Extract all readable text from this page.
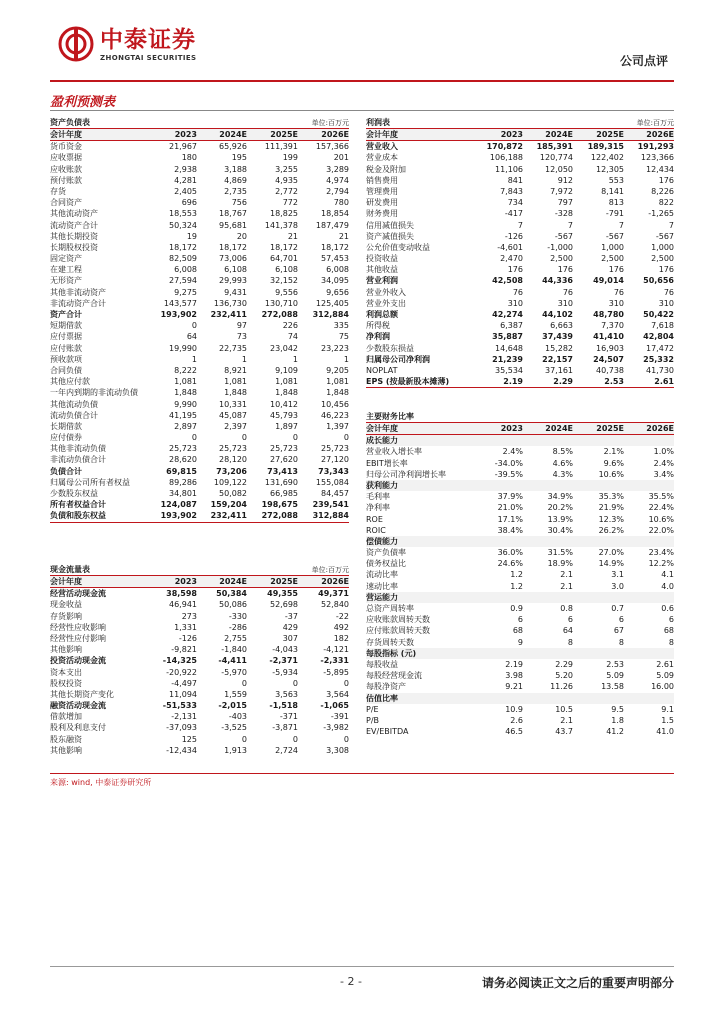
中泰证券
ZHONGTAI SECURITIES	公司点评
盈利预测表
资产负债表	单位:百万元
会计年度	2023	2024E	2025E	2026E
货币资金	21,967	65,926	111,391	157,366
应收票据	180	195	199	201
应收账款	2,938	3,188	3,255	3,289
预付账款	4,281	4,869	4,935	4,974
存货	2,405	2,735	2,772	2,794
合同资产	696	756	772	780
其他流动资产	18,553	18,767	18,825	18,854
流动资产合计	50,324	95,681	141,378	187,479
其他长期投资	19	20	21	21
长期股权投资	18,172	18,172	18,172	18,172
固定资产	82,509	73,006	64,701	57,453
在建工程	6,008	6,108	6,108	6,008
无形资产	27,594	29,993	32,152	34,095
其他非流动资产	9,275	9,431	9,556	9,656
非流动资产合计	143,577	136,730	130,710	125,405
资产合计	193,902	232,411	272,088	312,884
短期借款	0	97	226	335
应付票据	64	73	74	75
应付账款	19,990	22,735	23,042	23,223
预收款项	1	1	1	1
合同负债	8,222	8,921	9,109	9,205
其他应付款	1,081	1,081	1,081	1,081
一年内到期的非流动负债	1,848	1,848	1,848	1,848
其他流动负债	9,990	10,331	10,412	10,456
流动负债合计	41,195	45,087	45,793	46,223
长期借款	2,897	2,397	1,897	1,397
应付债券	0	0	0	0
其他非流动负债	25,723	25,723	25,723	25,723
非流动负债合计	28,620	28,120	27,620	27,120
负债合计	69,815	73,206	73,413	73,343
归属母公司所有者权益	89,286	109,122	131,690	155,084
少数股东权益	34,801	50,082	66,985	84,457
所有者权益合计	124,087	159,204	198,675	239,541
负债和股东权益	193,902	232,411	272,088	312,884
现金流量表	单位:百万元
会计年度	2023	2024E	2025E	2026E
经营活动现金流	38,598	50,384	49,355	49,371
现金收益	46,941	50,086	52,698	52,840
存货影响	273	-330	-37	-22
经营性应收影响	1,331	-286	429	492
经营性应付影响	-126	2,755	307	182
其他影响	-9,821	-1,840	-4,043	-4,121
投资活动现金流	-14,325	-4,411	-2,371	-2,331
资本支出	-20,922	-5,970	-5,934	-5,895
股权投资	-4,497	0	0	0
其他长期资产变化	11,094	1,559	3,563	3,564
融资活动现金流	-51,533	-2,015	-1,518	-1,065
借款增加	-2,131	-403	-371	-391
股利及利息支付	-37,093	-3,525	-3,871	-3,982
股东融资	125	0	0	0
其他影响	-12,434	1,913	2,724	3,308
利润表	单位:百万元
会计年度	2023	2024E	2025E	2026E
营业收入	170,872	185,391	189,315	191,293
营业成本	106,188	120,774	122,402	123,366
税金及附加	11,106	12,050	12,305	12,434
销售费用	841	912	553	176
管理费用	7,843	7,972	8,141	8,226
研发费用	734	797	813	822
财务费用	-417	-328	-791	-1,265
信用减值损失	7	7	7	7
资产减值损失	-126	-567	-567	-567
公允价值变动收益	-4,601	-1,000	1,000	1,000
投资收益	2,470	2,500	2,500	2,500
其他收益	176	176	176	176
营业利润	42,508	44,336	49,014	50,656
营业外收入	76	76	76	76
营业外支出	310	310	310	310
利润总额	42,274	44,102	48,780	50,422
所得税	6,387	6,663	7,370	7,618
净利润	35,887	37,439	41,410	42,804
少数股东损益	14,648	15,282	16,903	17,472
归属母公司净利润	21,239	22,157	24,507	25,332
NOPLAT	35,534	37,161	40,738	41,730
EPS (按最新股本摊薄)	2.19	2.29	2.53	2.61
主要财务比率
会计年度	2023	2024E	2025E	2026E
成长能力
营业收入增长率	2.4%	8.5%	2.1%	1.0%
EBIT增长率	-34.0%	4.6%	9.6%	2.4%
归母公司净利润增长率	-39.5%	4.3%	10.6%	3.4%
获利能力
毛利率	37.9%	34.9%	35.3%	35.5%
净利率	21.0%	20.2%	21.9%	22.4%
ROE	17.1%	13.9%	12.3%	10.6%
ROIC	38.4%	30.4%	26.2%	22.0%
偿债能力
资产负债率	36.0%	31.5%	27.0%	23.4%
债务权益比	24.6%	18.9%	14.9%	12.2%
流动比率	1.2	2.1	3.1	4.1
速动比率	1.2	2.1	3.0	4.0
营运能力
总资产周转率	0.9	0.8	0.7	0.6
应收账款周转天数	6	6	6	6
应付账款周转天数	68	64	67	68
存货周转天数	9	8	8	8
每股指标 (元)
每股收益	2.19	2.29	2.53	2.61
每股经营现金流	3.98	5.20	5.09	5.09
每股净资产	9.21	11.26	13.58	16.00
估值比率
P/E	10.9	10.5	9.5	9.1
P/B	2.6	2.1	1.8	1.5
EV/EBITDA	46.5	43.7	41.2	41.0
来源: wind, 中泰证券研究所
- 2 -	请务必阅读正文之后的重要声明部分
